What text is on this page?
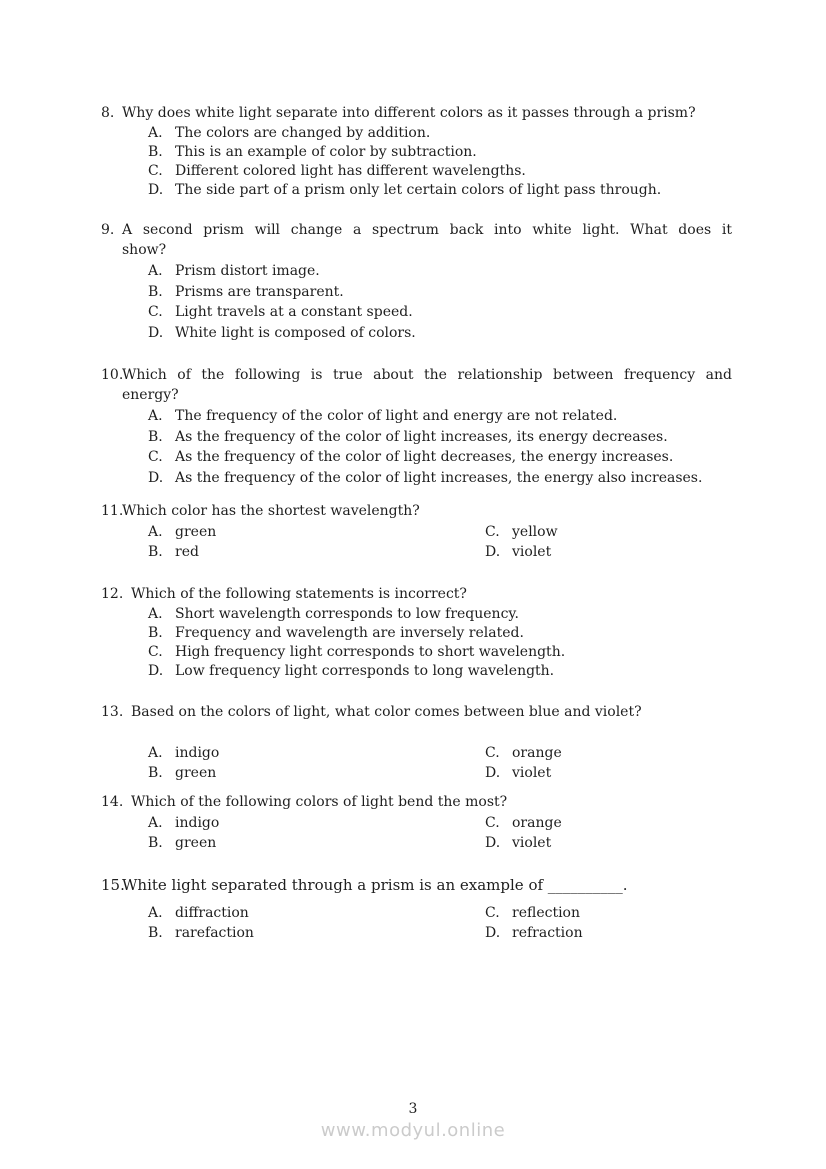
8. Why does white light separate into different colors as it passes through a prism?
A. The colors are changed by addition.
B. This is an example of color by subtraction.
C. Different colored light has different wavelengths.
D. The side part of a prism only let certain colors of light pass through.
9. A second prism will change a spectrum back into white light. What does it
show?
A. Prism distort image.
B. Prisms are transparent.
C. Light travels at a constant speed.
D. White light is composed of colors.
10.
Which of the following is true about the relationship between frequency and
energy?
A. The frequency of the color of light and energy are not related.
B. As the frequency of the color of light increases, its energy decreases.
C. As the frequency of the color of light decreases, the energy increases.
D. As the frequency of the color of light increases, the energy also increases.
11.
Which color has the shortest wavelength?
A. green
B. red
C. yellow
D. violet
12. Which of the following statements is incorrect?
A. Short wavelength corresponds to low frequency.
B. Frequency and wavelength are inversely related.
C. High frequency light corresponds to short wavelength.
D. Low frequency light corresponds to long wavelength.
13. Based on the colors of light, what color comes between blue and violet?
A. indigo
B. green
C. orange
D. violet
14. Which of the following colors of light bend the most?
A. indigo
B. green
C. orange
D. violet
15.
White light separated through a prism is an example of __________.
A. diffraction
B. rarefaction
C. reflection
D. refraction
3
www.modyul.online
